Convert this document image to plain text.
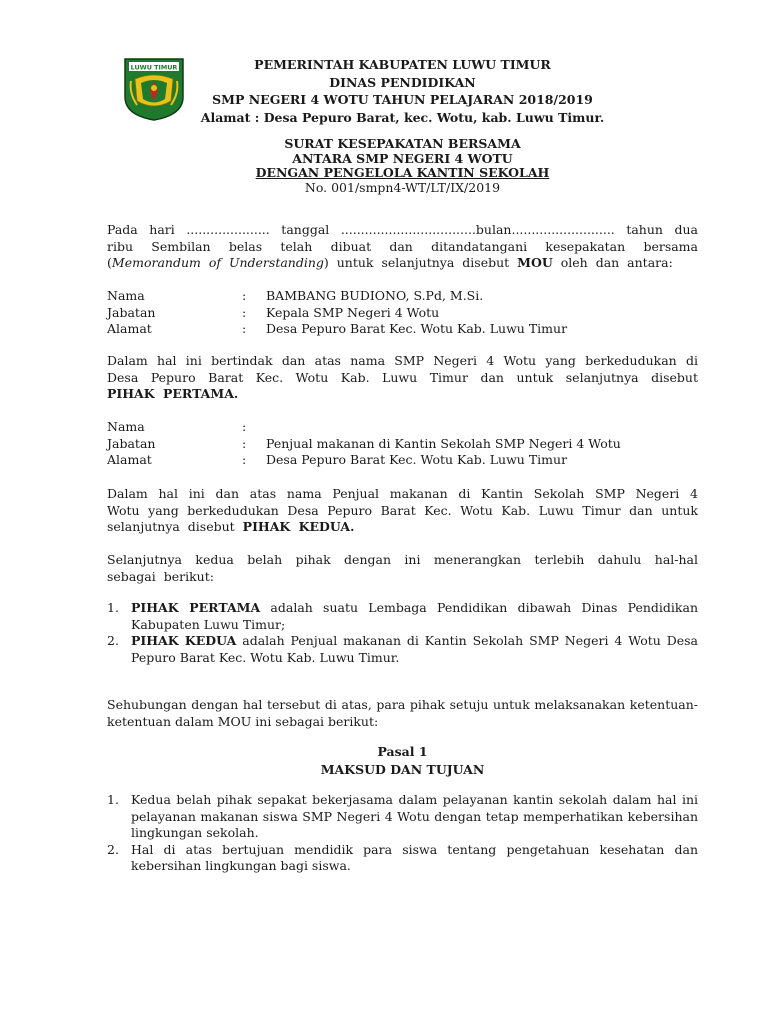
LUWU TIMUR	PEMERINTAH KABUPATEN LUWU TIMUR
DINAS PENDIDIKAN
SMP NEGERI 4 WOTU TAHUN PELAJARAN 2018/2019
Alamat : Desa Pepuro Barat, kec. Wotu, kab. Luwu Timur.
SURAT KESEPAKATAN BERSAMA
ANTARA SMP NEGERI 4 WOTU
DENGAN PENGELOLA KANTIN SEKOLAH
No. 001/smpn4-WT/LT/IX/2019
Pada hari ..................... tanggal ..................................bulan.......................... tahun dua ribu Sembilan belas telah dibuat dan ditandatangani kesepakatan bersama (Memorandum of Understanding) untuk selanjutnya disebut MOU oleh dan antara:
Nama	:	BAMBANG BUDIONO, S.Pd, M.Si.
Jabatan	:	Kepala SMP Negeri 4 Wotu
Alamat	:	Desa Pepuro Barat Kec. Wotu Kab. Luwu Timur
Dalam hal ini bertindak dan atas nama SMP Negeri 4 Wotu yang berkedudukan di Desa Pepuro Barat Kec. Wotu Kab. Luwu Timur dan untuk selanjutnya disebut PIHAK PERTAMA.
Nama	:
Jabatan	:	Penjual makanan di Kantin Sekolah SMP Negeri 4 Wotu
Alamat	:	Desa Pepuro Barat Kec. Wotu Kab. Luwu Timur
Dalam hal ini dan atas nama Penjual makanan di Kantin Sekolah SMP Negeri 4 Wotu yang berkedudukan Desa Pepuro Barat Kec. Wotu Kab. Luwu Timur dan untuk selanjutnya disebut PIHAK KEDUA.
Selanjutnya kedua belah pihak dengan ini menerangkan terlebih dahulu hal-hal sebagai berikut:
1. PIHAK PERTAMA adalah suatu Lembaga Pendidikan dibawah Dinas Pendidikan Kabupaten Luwu Timur;
2. PIHAK KEDUA adalah Penjual makanan di Kantin Sekolah SMP Negeri 4 Wotu Desa Pepuro Barat Kec. Wotu Kab. Luwu Timur.
Sehubungan dengan hal tersebut di atas, para pihak setuju untuk melaksanakan ketentuan-ketentuan dalam MOU ini sebagai berikut:
Pasal 1
MAKSUD DAN TUJUAN
1. Kedua belah pihak sepakat bekerjasama dalam pelayanan kantin sekolah dalam hal ini pelayanan makanan siswa SMP Negeri 4 Wotu dengan tetap memperhatikan kebersihan lingkungan sekolah.
2. Hal di atas bertujuan mendidik para siswa tentang pengetahuan kesehatan dan kebersihan lingkungan bagi siswa.
